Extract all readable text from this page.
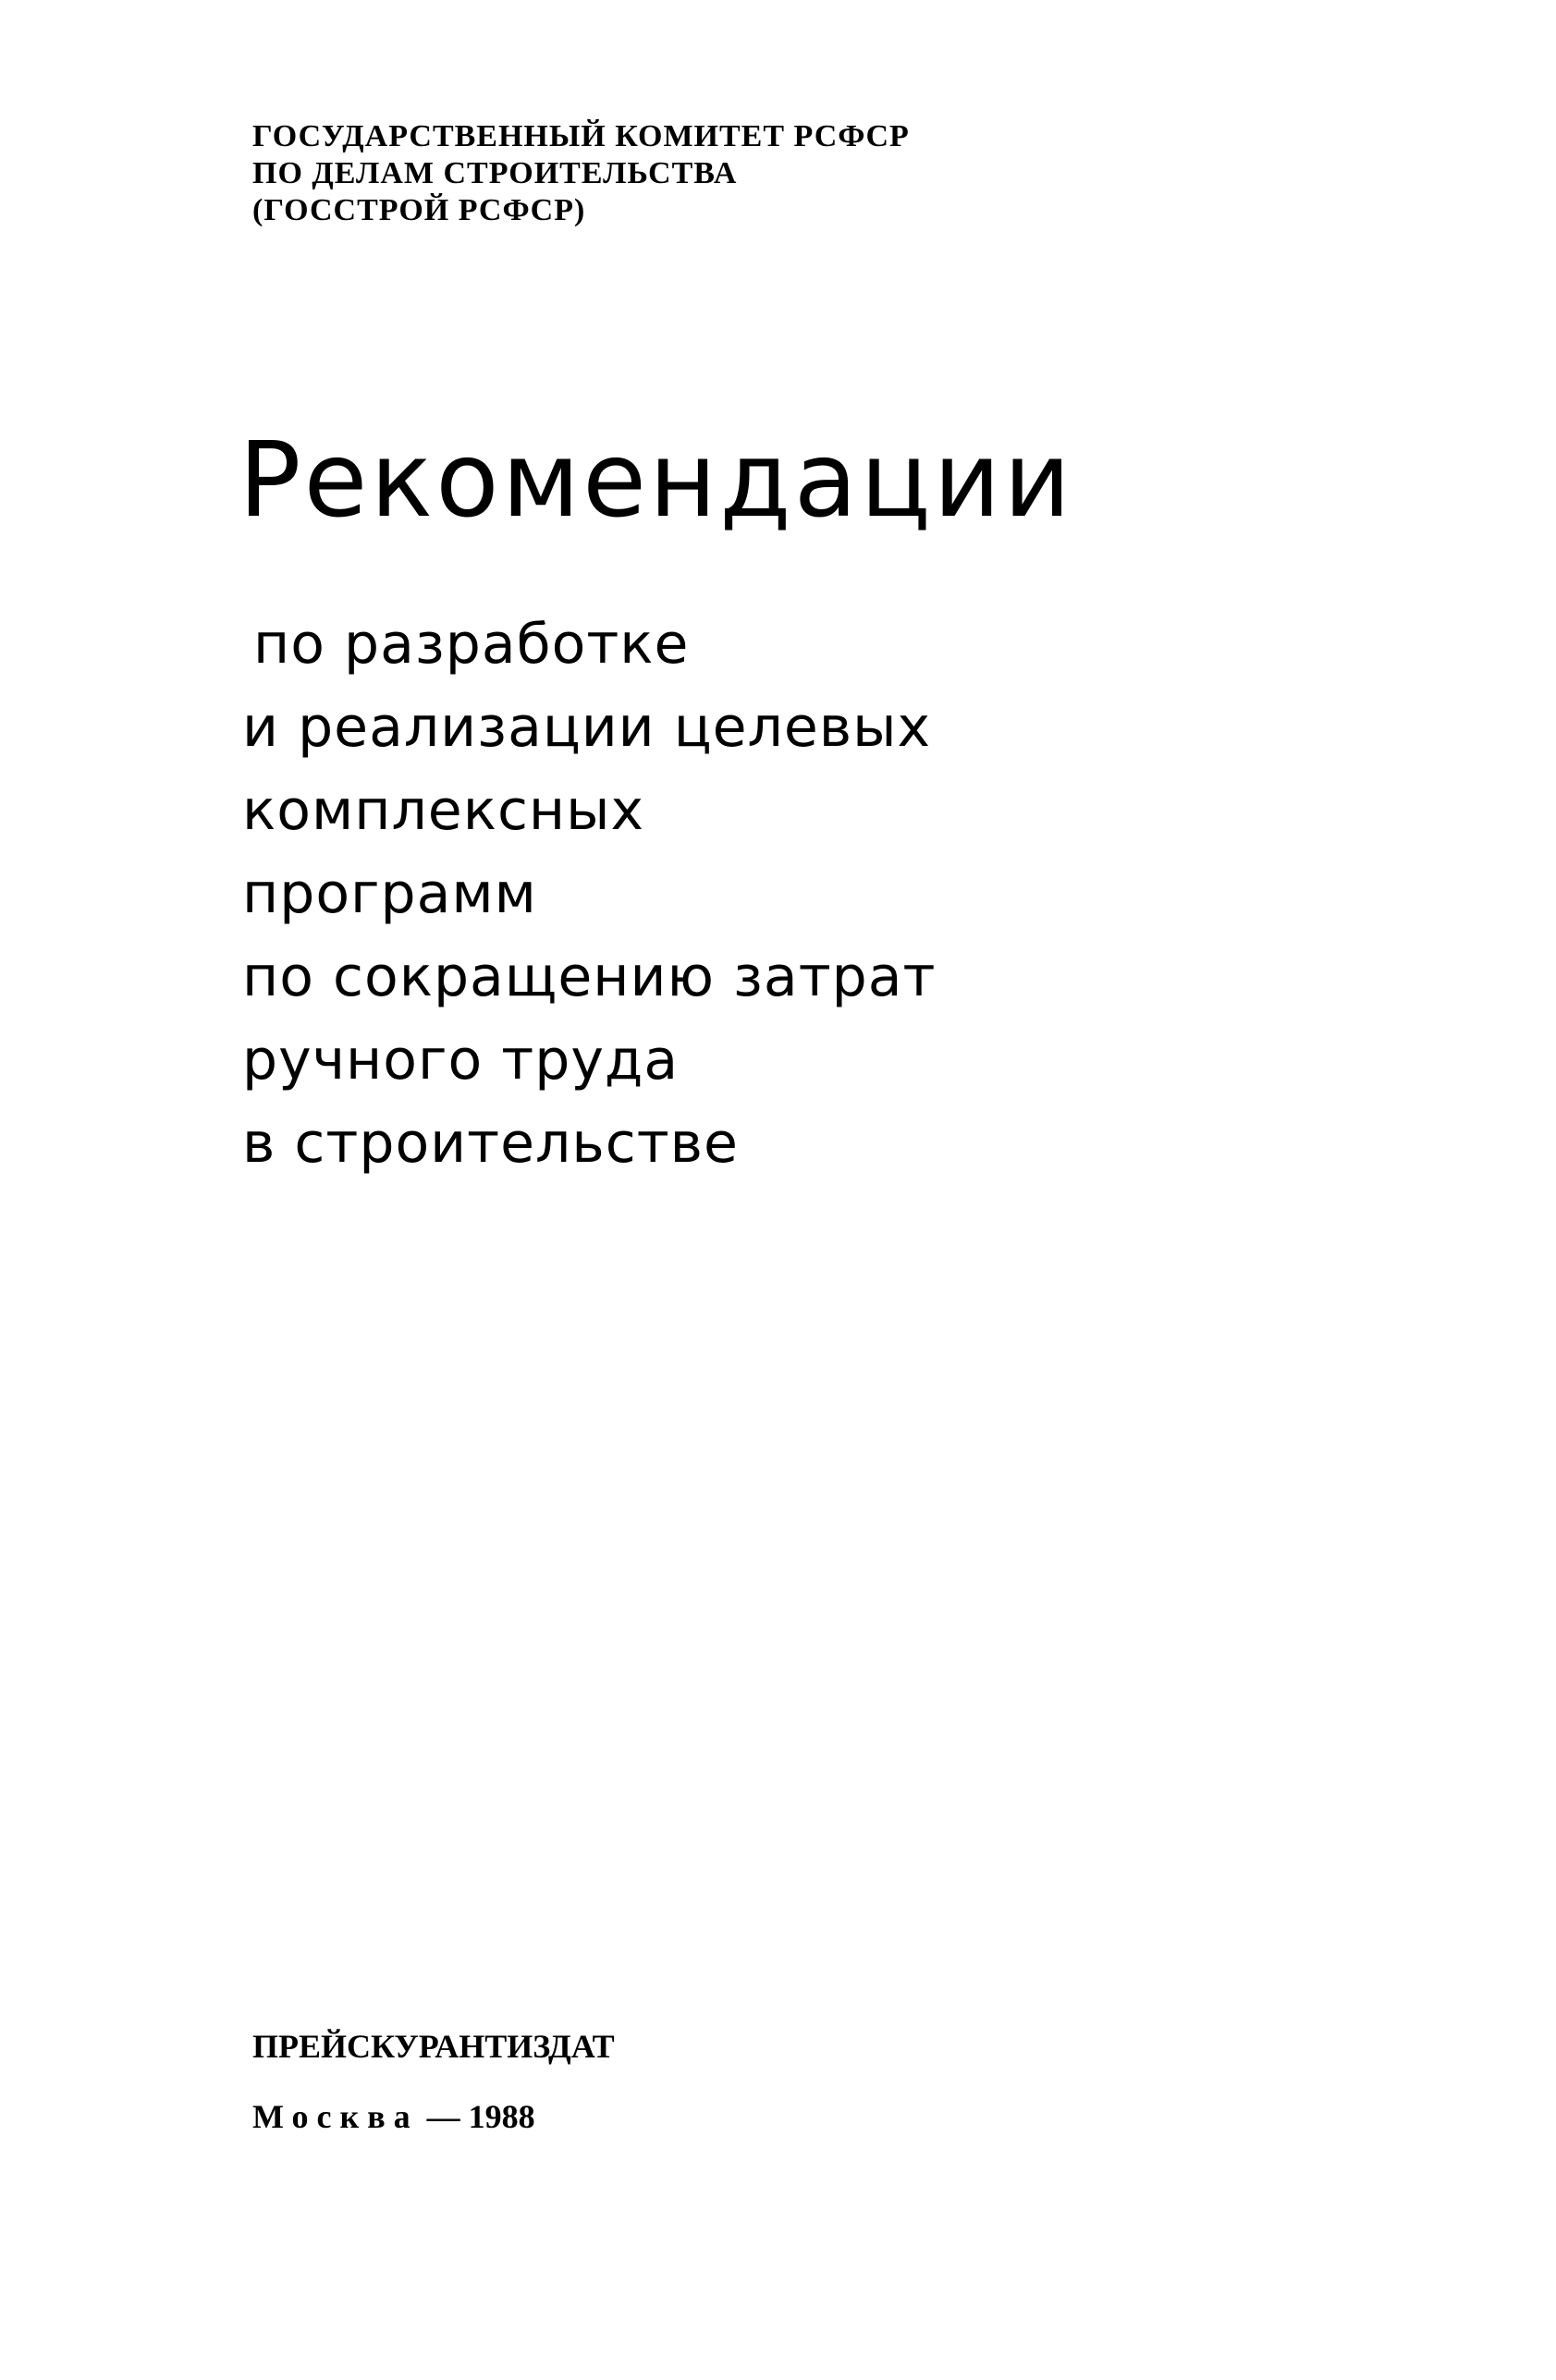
ГОСУДАРСТВЕННЫЙ КОМИТЕТ РСФСР
ПО ДЕЛАМ СТРОИТЕЛЬСТВА
(ГОССТРОЙ РСФСР)
Рекомендации
по разработке
и реализации целевых
комплексных
программ
по сокращению затрат
ручного труда
в строительстве
ПРЕЙСКУРАНТИЗДАТ
Москва — 1988
